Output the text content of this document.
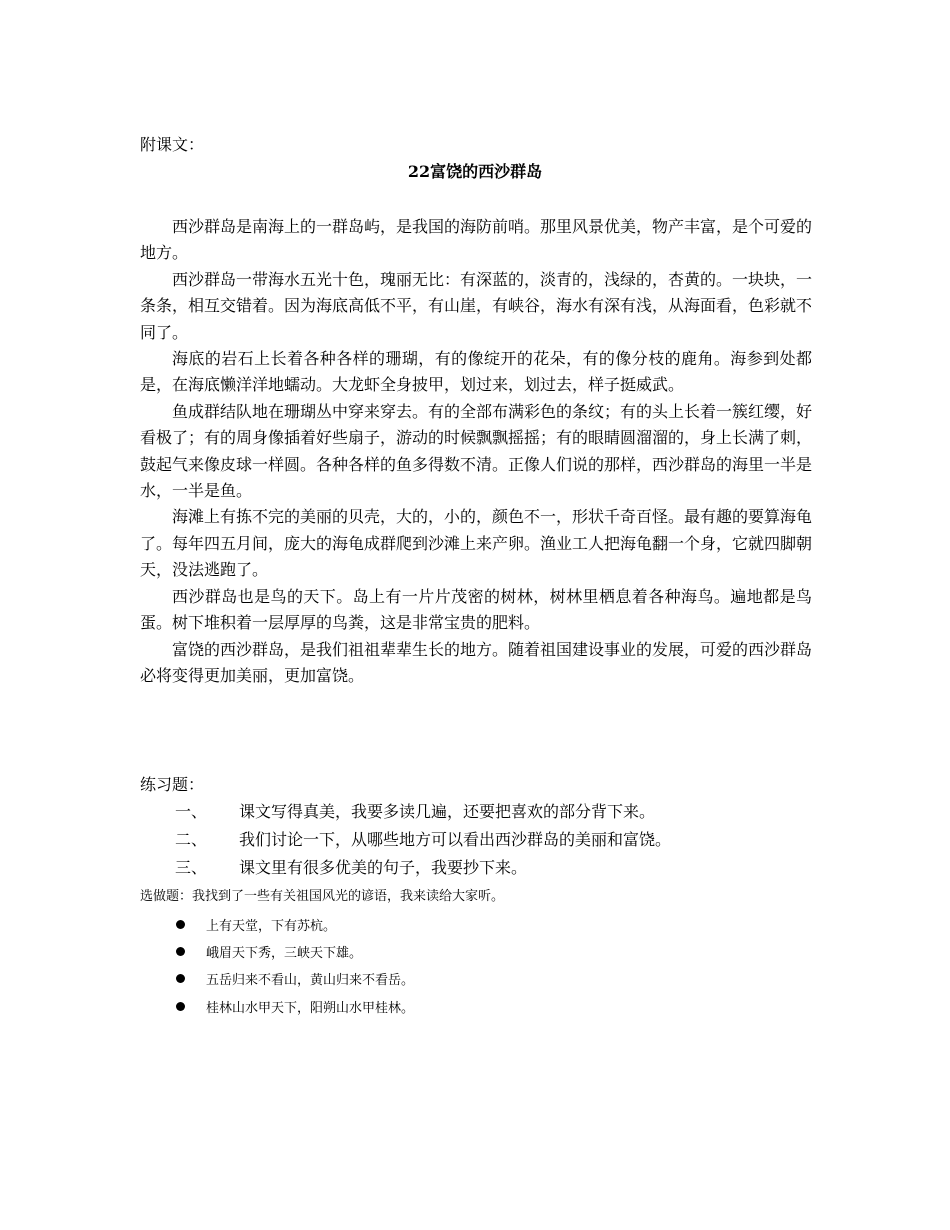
附课文：
22富饶的西沙群岛

西沙群岛是南海上的一群岛屿，是我国的海防前哨。那里风景优美，物产丰富，是个可爱的地方。

西沙群岛一带海水五光十色，瑰丽无比：有深蓝的，淡青的，浅绿的，杏黄的。一块块，一条条，相互交错着。因为海底高低不平，有山崖，有峡谷，海水有深有浅，从海面看，色彩就不同了。

海底的岩石上长着各种各样的珊瑚，有的像绽开的花朵，有的像分枝的鹿角。海参到处都是，在海底懒洋洋地蠕动。大龙虾全身披甲，划过来，划过去，样子挺威武。

鱼成群结队地在珊瑚丛中穿来穿去。有的全部布满彩色的条纹；有的头上长着一簇红缨，好看极了；有的周身像插着好些扇子，游动的时候飘飘摇摇；有的眼睛圆溜溜的，身上长满了刺，鼓起气来像皮球一样圆。各种各样的鱼多得数不清。正像人们说的那样，西沙群岛的海里一半是水，一半是鱼。

海滩上有拣不完的美丽的贝壳，大的，小的，颜色不一，形状千奇百怪。最有趣的要算海龟了。每年四五月间，庞大的海龟成群爬到沙滩上来产卵。渔业工人把海龟翻一个身，它就四脚朝天，没法逃跑了。

西沙群岛也是鸟的天下。岛上有一片片茂密的树林，树林里栖息着各种海鸟。遍地都是鸟蛋。树下堆积着一层厚厚的鸟粪，这是非常宝贵的肥料。

富饶的西沙群岛，是我们祖祖辈辈生长的地方。随着祖国建设事业的发展，可爱的西沙群岛必将变得更加美丽，更加富饶。

练习题：
一、 课文写得真美，我要多读几遍，还要把喜欢的部分背下来。
二、 我们讨论一下，从哪些地方可以看出西沙群岛的美丽和富饶。
三、 课文里有很多优美的句子，我要抄下来。
选做题：我找到了一些有关祖国风光的谚语，我来读给大家听。
上有天堂，下有苏杭。
峨眉天下秀，三峡天下雄。
五岳归来不看山，黄山归来不看岳。
桂林山水甲天下，阳朔山水甲桂林。
